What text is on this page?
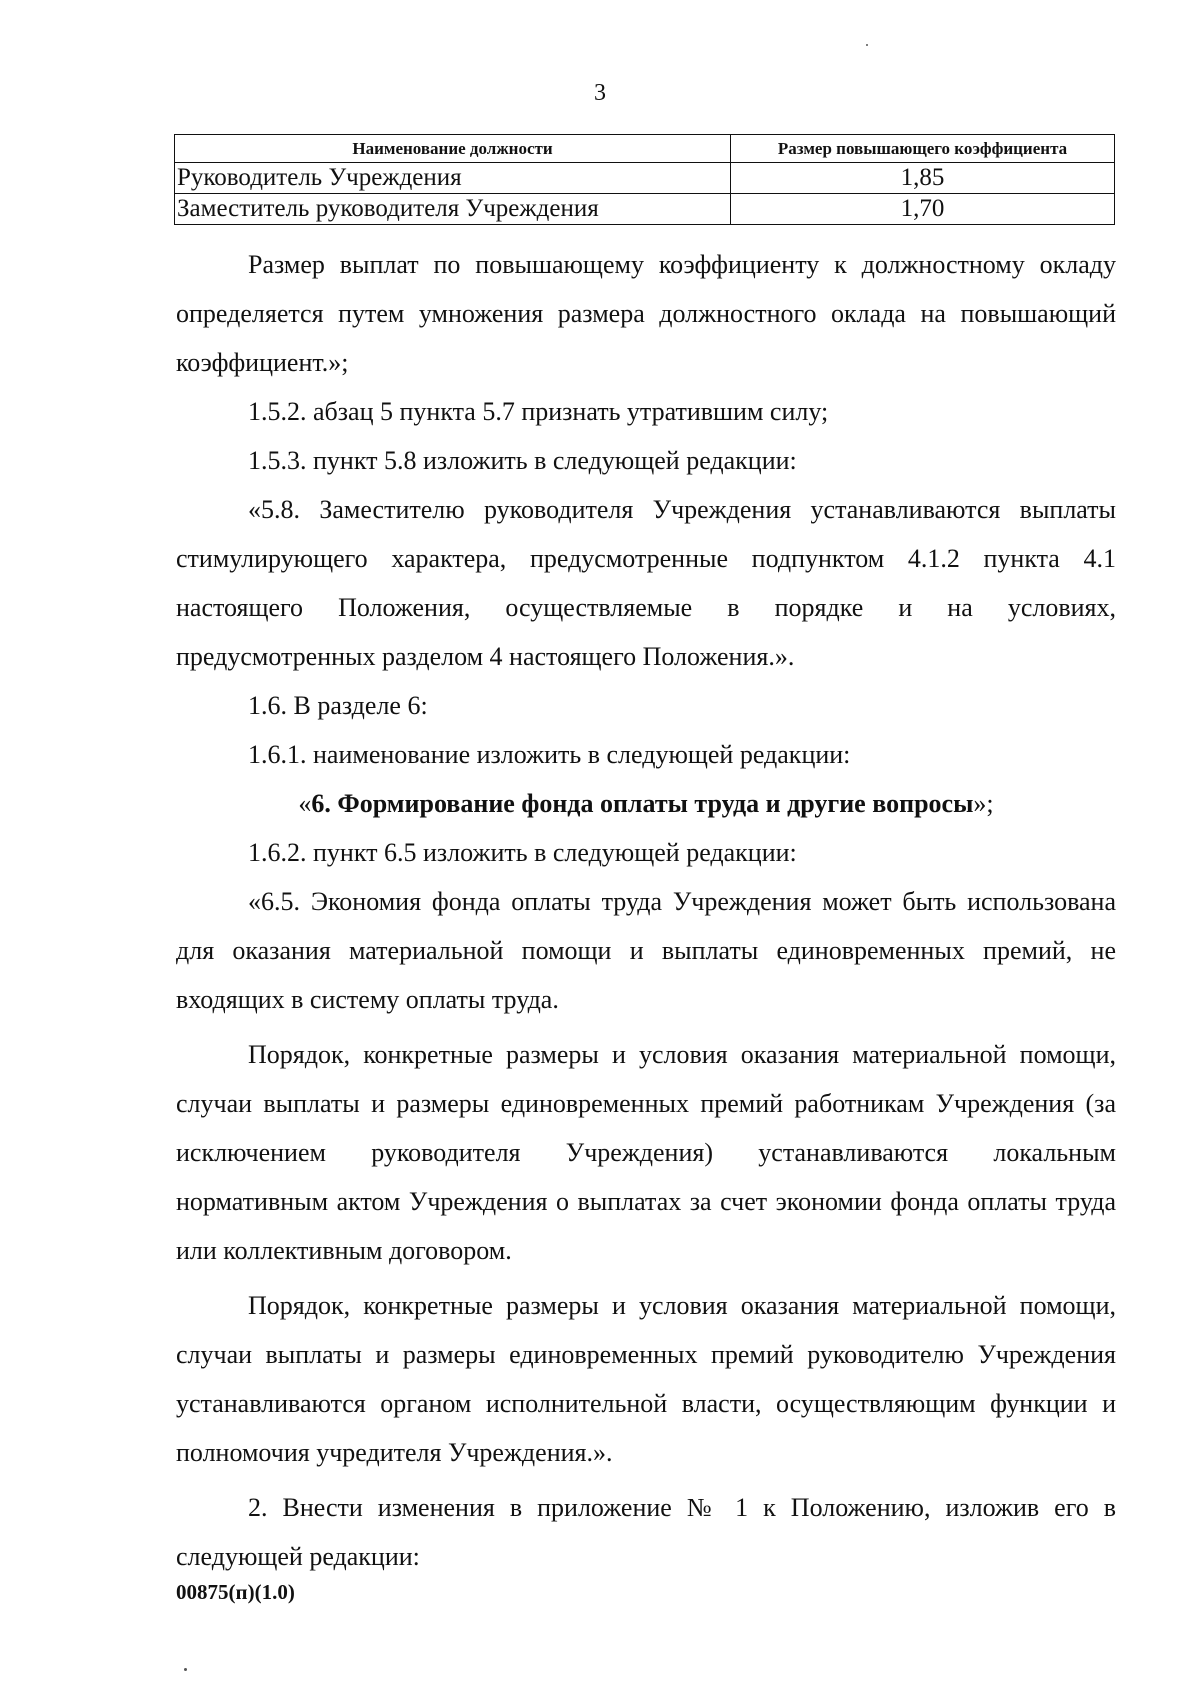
3
Наименование должности	Размер повышающего коэффициента
Руководитель Учреждения	1,85
Заместитель руководителя Учреждения	1,70

Размер выплат по повышающему коэффициенту к должностному окладу определяется путем умножения размера должностного оклада на повышающий коэффициент.»;

1.5.2. абзац 5 пункта 5.7 признать утратившим силу;

1.5.3. пункт 5.8 изложить в следующей редакции:

«5.8. Заместителю руководителя Учреждения устанавливаются выплаты стимулирующего характера, предусмотренные подпунктом 4.1.2 пункта 4.1 настоящего Положения, осуществляемые в порядке и на условиях, предусмотренных разделом 4 настоящего Положения.».

1.6. В разделе 6:

1.6.1. наименование изложить в следующей редакции:

«6. Формирование фонда оплаты труда и другие вопросы»;

1.6.2. пункт 6.5 изложить в следующей редакции:

«6.5. Экономия фонда оплаты труда Учреждения может быть использована для оказания материальной помощи и выплаты единовременных премий, не входящих в систему оплаты труда.

Порядок, конкретные размеры и условия оказания материальной помощи, случаи выплаты и размеры единовременных премий работникам Учреждения (за исключением руководителя Учреждения) устанавливаются локальным нормативным актом Учреждения о выплатах за счет экономии фонда оплаты труда или коллективным договором.

Порядок, конкретные размеры и условия оказания материальной помощи, случаи выплаты и размеры единовременных премий руководителю Учреждения устанавливаются органом исполнительной власти, осуществляющим функции и полномочия учредителя Учреждения.».

2. Внести изменения в приложение № 1 к Положению, изложив его в следующей редакции:

00875(п)(1.0)
